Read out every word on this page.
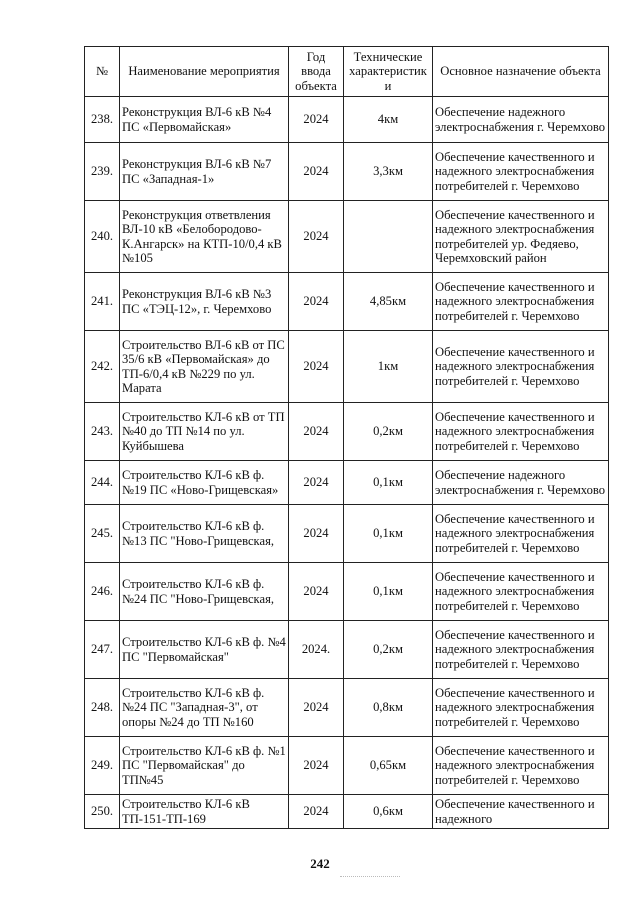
№	Наименование мероприятия	Год ввода объекта	Технические характеристик и	Основное назначение объекта
238.	Реконструкция ВЛ-6 кВ №4 ПС «Первомайская»	2024	4км	Обеспечение надежного электроснабжения г. Черемхово
239.	Реконструкция ВЛ-6 кВ №7 ПС «Западная-1»	2024	3,3км	Обеспечение качественного и надежного электроснабжения потребителей г. Черемхово
240.	Реконструкция ответвления ВЛ-10 кВ «Белобородово-К.Ангарск» на КТП-10/0,4 кВ №105	2024		Обеспечение качественного и надежного электроснабжения потребителей ур. Федяево, Черемховский район
241.	Реконструкция ВЛ-6 кВ №3 ПС «ТЭЦ-12», г. Черемхово	2024	4,85км	Обеспечение качественного и надежного электроснабжения потребителей г. Черемхово
242.	Строительство ВЛ-6 кВ от ПС 35/6 кВ «Первомайская» до ТП-6/0,4 кВ №229 по ул. Марата	2024	1км	Обеспечение качественного и надежного электроснабжения потребителей г. Черемхово
243.	Строительство КЛ-6 кВ от ТП №40 до ТП №14 по ул. Куйбышева	2024	0,2км	Обеспечение качественного и надежного электроснабжения потребителей г. Черемхово
244.	Строительство КЛ-6 кВ ф. №19 ПС «Ново-Грищевская»	2024	0,1км	Обеспечение надежного электроснабжения г. Черемхово
245.	Строительство КЛ-6 кВ ф. №13 ПС "Ново-Грищевская,	2024	0,1км	Обеспечение качественного и надежного электроснабжения потребителей г. Черемхово
246.	Строительство КЛ-6 кВ ф. №24 ПС "Ново-Грищевская,	2024	0,1км	Обеспечение качественного и надежного электроснабжения потребителей г. Черемхово
247.	Строительство КЛ-6 кВ ф. №4 ПС "Первомайская"	2024.	0,2км	Обеспечение качественного и надежного электроснабжения потребителей г. Черемхово
248.	Строительство КЛ-6 кВ ф. №24 ПС "Западная-3", от опоры №24 до ТП №160	2024	0,8км	Обеспечение качественного и надежного электроснабжения потребителей г. Черемхово
249.	Строительство КЛ-6 кВ ф. №1 ПС "Первомайская" до ТП№45	2024	0,65км	Обеспечение качественного и надежного электроснабжения потребителей г. Черемхово
250.	Строительство КЛ-6 кВ ТП-151-ТП-169	2024	0,6км	Обеспечение качественного и надежного
242
